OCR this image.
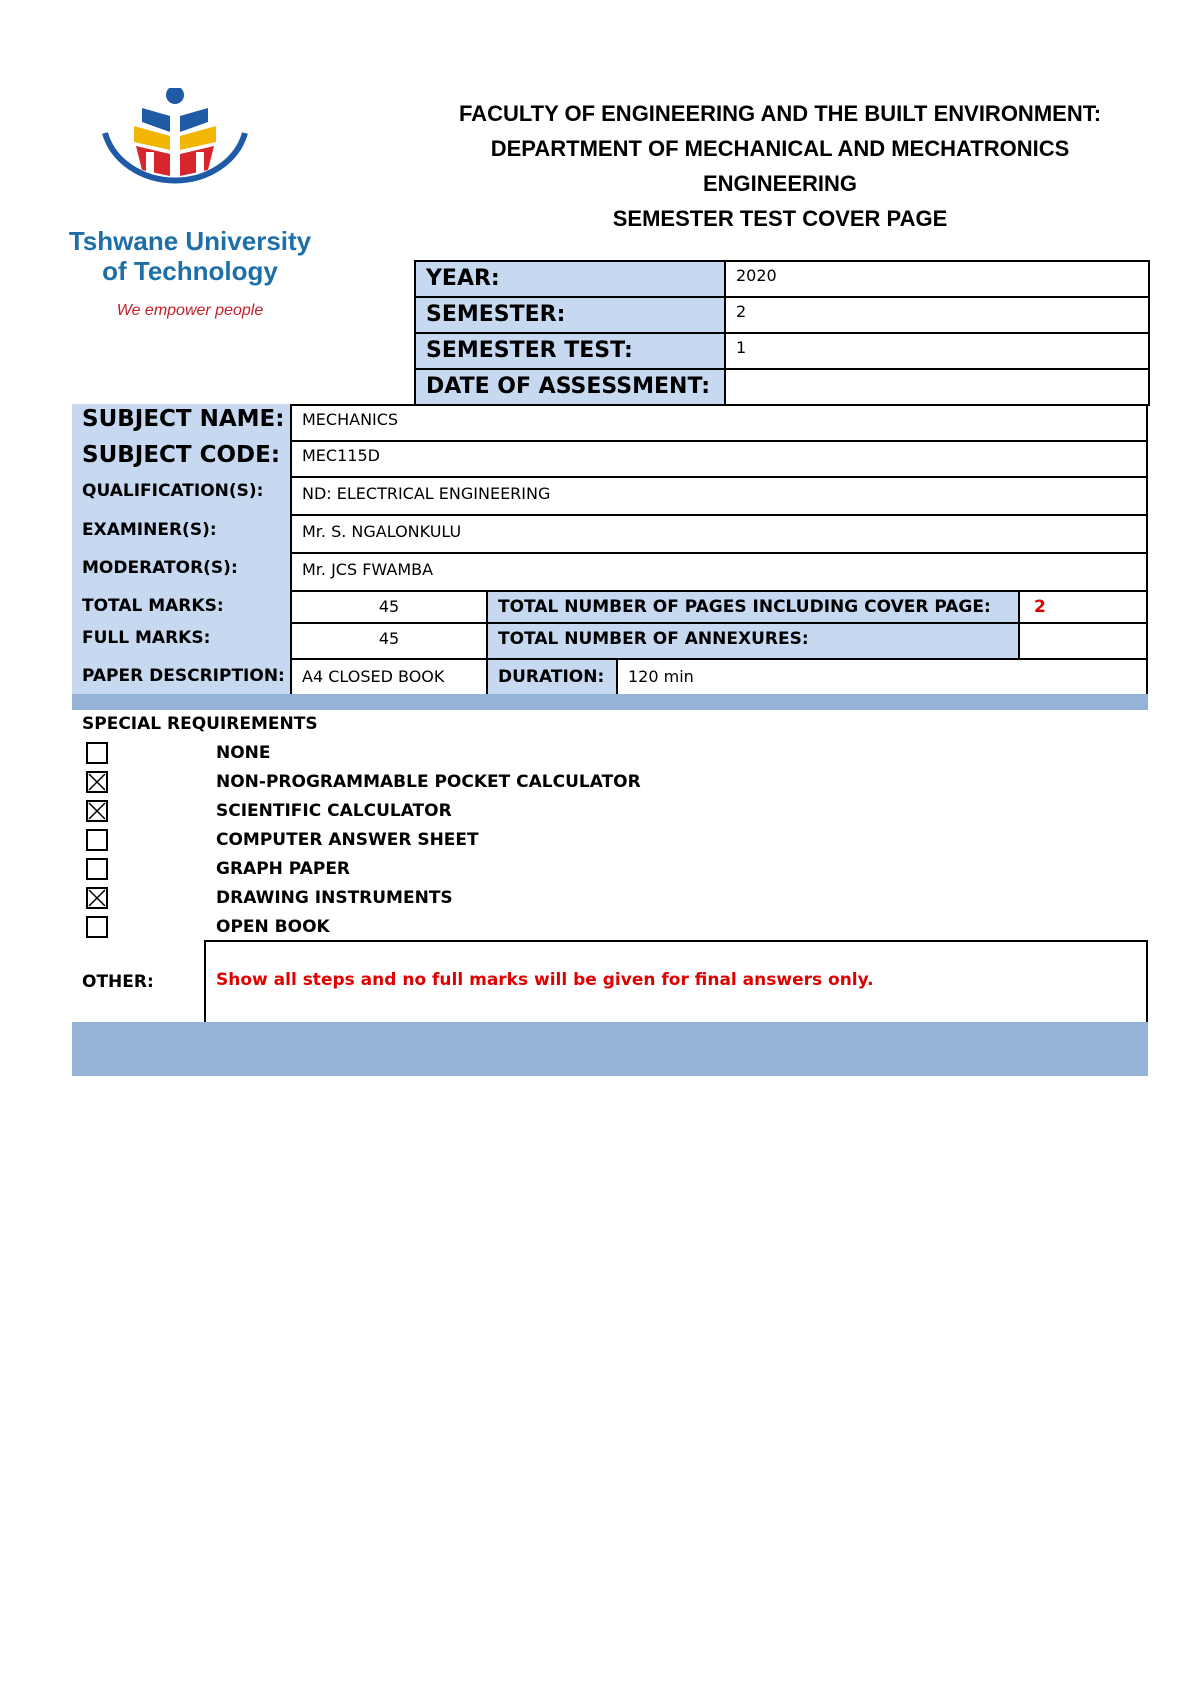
Tshwane University
of Technology
We empower people
FACULTY OF ENGINEERING AND THE BUILT ENVIRONMENT:
DEPARTMENT OF MECHANICAL AND MECHATRONICS
ENGINEERING
SEMESTER TEST COVER PAGE
YEAR:	2020
SEMESTER:	2
SEMESTER TEST:	1
DATE OF ASSESSMENT:
SUBJECT NAME:	MECHANICS
SUBJECT CODE:	MEC115D
QUALIFICATION(S):	ND: ELECTRICAL ENGINEERING
EXAMINER(S):	Mr. S. NGALONKULU
MODERATOR(S):	Mr. JCS FWAMBA
TOTAL MARKS:	45	TOTAL NUMBER OF PAGES INCLUDING COVER PAGE:	2
FULL MARKS:	45	TOTAL NUMBER OF ANNEXURES:
PAPER DESCRIPTION:	A4 CLOSED BOOK	DURATION:	120 min
SPECIAL REQUIREMENTS
NONE
NON-PROGRAMMABLE POCKET CALCULATOR
SCIENTIFIC CALCULATOR
COMPUTER ANSWER SHEET
GRAPH PAPER
DRAWING INSTRUMENTS
OPEN BOOK
OTHER:	Show all steps and no full marks will be given for final answers only.
